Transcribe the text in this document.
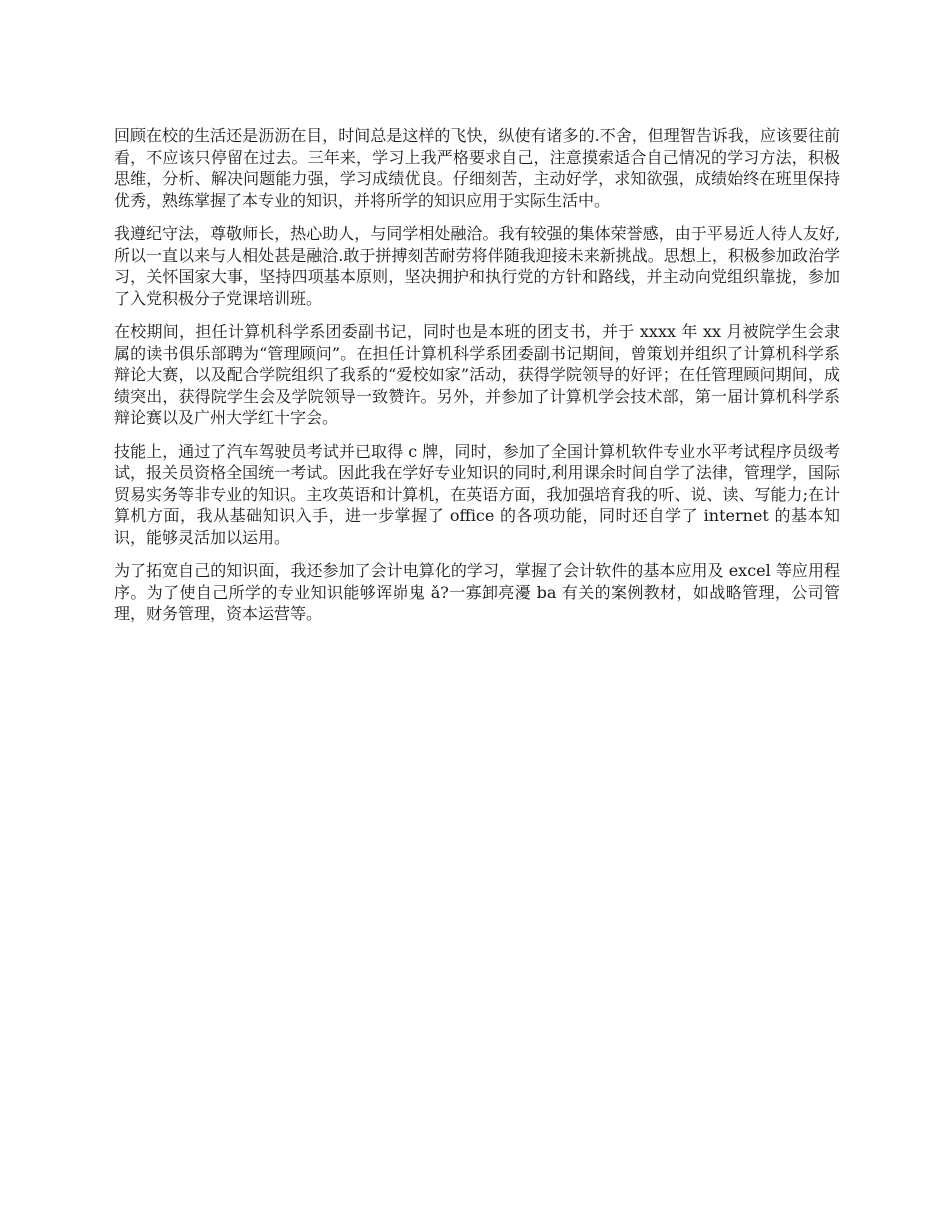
回顾在校的生活还是沥沥在目，时间总是这样的飞快，纵使有诸多的.不舍，但理智告诉我，应该要往前看，不应该只停留在过去。三年来，学习上我严格要求自己，注意摸索适合自己情况的学习方法，积极思维，分析、解决问题能力强，学习成绩优良。仔细刻苦，主动好学，求知欲强，成绩始终在班里保持优秀，熟练掌握了本专业的知识，并将所学的知识应用于实际生活中。

我遵纪守法，尊敬师长，热心助人，与同学相处融洽。我有较强的集体荣誉感，由于平易近人待人友好,所以一直以来与人相处甚是融洽.敢于拼搏刻苦耐劳将伴随我迎接未来新挑战。思想上，积极参加政治学习，关怀国家大事，坚持四项基本原则，坚决拥护和执行党的方针和路线，并主动向党组织靠拢，参加了入党积极分子党课培训班。

在校期间，担任计算机科学系团委副书记，同时也是本班的团支书，并于 xxxx 年 xx 月被院学生会隶属的读书俱乐部聘为“管理顾问”。在担任计算机科学系团委副书记期间，曾策划并组织了计算机科学系辩论大赛，以及配合学院组织了我系的“爱校如家”活动，获得学院领导的好评；在任管理顾问期间，成绩突出，获得院学生会及学院领导一致赞许。另外，并参加了计算机学会技术部，第一届计算机科学系辩论赛以及广州大学红十字会。

技能上，通过了汽车驾驶员考试并已取得 c 牌，同时，参加了全国计算机软件专业水平考试程序员级考试，报关员资格全国统一考试。因此我在学好专业知识的同时,利用课余时间自学了法律，管理学，国际贸易实务等非专业的知识。主攻英语和计算机，在英语方面，我加强培育我的听、说、读、写能力;在计算机方面，我从基础知识入手，进一步掌握了 office 的各项功能，同时还自学了 internet 的基本知识，能够灵活加以运用。

为了拓宽自己的知识面，我还参加了会计电算化的学习，掌握了会计软件的基本应用及 excel 等应用程序。为了使自己所学的专业知识能够诨峁鬼 ǎ?一寡卸亮瀀 ba 有关的案例教材，如战略管理，公司管理，财务管理，资本运营等。
